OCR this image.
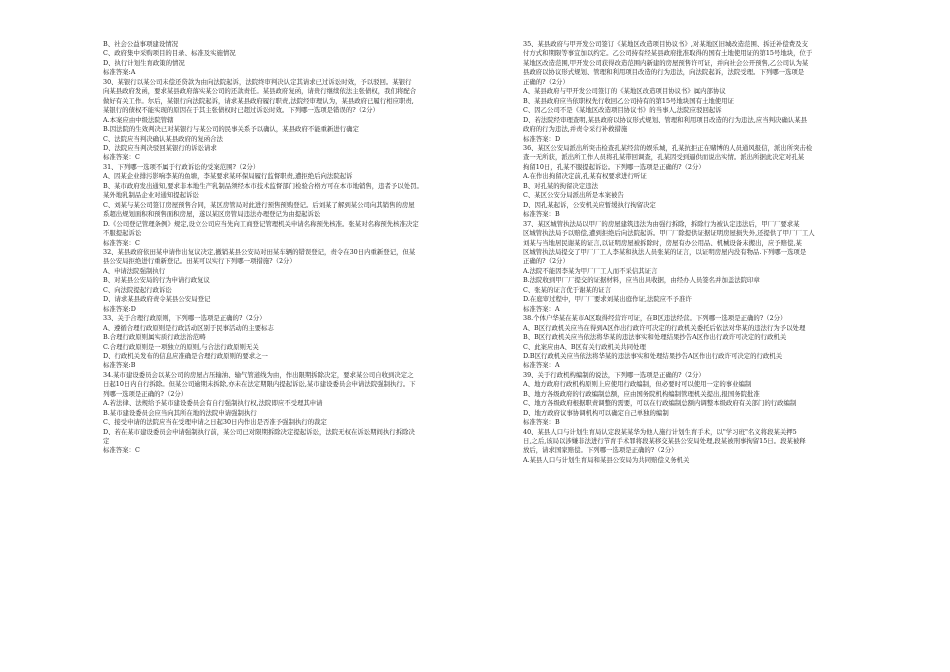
B、社会公益事项建设情况
C、政府集中采购项目的目录、标准及实施情况
D、执行计划生育政策的情况
标准答案:A
30、某银行以某公司未偿还贷款为由向法院起诉，法院终审判决认定其请求已过诉讼时效，予以驳回。某银行
向某县政府发函，要求某县政府落实某公司的还款责任。某县政府复函，请贵行继续依法主张债权，我们将配合
做好有关工作。尔后，某银行向法院起诉，请求某县政府履行职责,法院经审理认为，某县政府已履行相应职责,
某银行的债权不能实现的原因在于其主张债权时已超过诉讼时效。下列哪一选项是错误的?（2分）
A.本案应由中级法院管辖
B.因法院的生效判决已对某银行与某公司的民事关系予以确认，某县政府不能重新进行确定
C、法院应当判决确认某县政府的复函合法
D、法院应当判决驳回某银行的诉讼请求
标准答案：C
31、下列哪一选项不属于行政诉讼的受案范围?（2分）
A、因某企业排污影响李某的鱼塘，李某要求某环保局履行监督职责,遭拒绝后向法院起诉
B、某市政府发出通知,要求非本地生产乳制品须经本市技术监督部门检验合格方可在本市地销售，违者予以处罚。
某外地乳制品企业对通知提起诉讼
C、刘某与某公司签订房屋预售合同，某区房管局对此进行预售预购登记。后刘某了解到某公司向其销售的房屋
系超出规划面积和预售面积房屋，遂以某区房管局违法办理登记为由提起诉讼
D.《公司登记管理条例》规定,设立公司应当先向工商登记管理机关申请名称预先核准。张某对名称预先核准决定
不服提起诉讼
标准答案：C
32、某县政府依田某申请作出复议决定,撤销某县公安局对田某车辆的错误登记，责令在30日内重新登记，但某
县公安局拒绝进行重新登记。田某可以实行下列哪一项措施?（2分）
A、申请法院强制执行
B、对某县公安局的行为申请行政复议
C、向法院提起行政诉讼
D、请求某县政府责令某县公安局登记
标准答案:D
33、关于合理行政原则，下列哪一选项是正确的?（2分）
A、遵循合理行政原则是行政活动区别于民事活动的主要标志
B.合理行政原则属实质行政法治范畴
C.合理行政原则是一项独立的原则,与合法行政原则无关
D、行政机关发布的信息应准确是合理行政原则的要求之一
标准答案:B
34.某市建设委员会以某公司的房屋占压输油、输气管道线为由，作出限期拆除决定，要求某公司自收到决定之
日起10日内自行拆除。但某公司逾期未拆除,亦未在法定期限内提起诉讼,某市建设委员会申请法院强制执行。下
列哪一选项是正确的?（2分）
A.若法律、法规给予某市建设委员会有自行强制执行权,法院即应不受理其申请
B.某市建设委员会应当向其所在地的法院申请强制执行
C、接受申请的法院应当在受理申请之日起30日内作出是否准予强制执行的裁定
D、若在某市建设委员会申请强制执行前，某公司已对限期拆除决定提起诉讼，法院无权在诉讼期间执行拆除决
定
标准答案：C
35、某县政府与甲开发公司签订《某地区改造项目协议书》,对某地区旧城改造范围、拆迁补偿费及支
付方式和期限等事宜加以约定。乙公司持有经某县政府批准取得的国有土地使用证的第15号地块，位于
某地区改造范围,甲开发公司获得改造范围内新建的房屋预售许可证，并向社会公开预售,乙公司认为某
县政府以协议形式规划、管理和利用项目改造的行为违法，向法院起诉，法院受理。下列哪一选项是
正确的?（2分）
A、某县政府与甲开发公司签订的《某地区改造项目协议书》属内部协议
B、某县政府应当依职权先行收回乙公司持有的第15号地块国有土地使用证
C、因乙公司不是《某地区改造项目协议书》的当事人,法院应驳回起诉
D、若法院经审理查明,某县政府以协议形式规划、管理和利用项目改造的行为违法,应当判决确认某县
政府的行为违法,并责令采行补救措施
标准答案：D
36、某区公安局派出所突击检查孔某经营的娱乐城，孔某抗拒正在赌博的人员通风报信，派出所突击检
查一无所获，派出所工作人员将孔某带回调查，孔某因受到逼供而说出实情。派出所据此决定对孔某
拘留10日，孔某不服提起诉讼。下列哪一选项是正确的?（2分）
A.在作出拘留决定前,孔某有权要求进行听证
B、对孔某的拘留决定违法
C、某区公安分局派出所是本案被告
D、因孔某起诉，公安机关应暂缓执行拘留决定
标准答案：B
37、某区城管执法局以甲厂的房屋建筑违法为由强行拆除，拆除行为被认定违法后，甲厂厂要求某
区城管执法局予以赔偿,遭到拒绝后向法院起诉。甲厂厂除提供证据证明房屋损失外,还提供了甲厂厂工人
刘某与当地居民谢某的证言,以证明房屋被拆除时，房屋有办公用品、机械设备未搬出，应予赔偿,某
区城管执法局提交了甲厂厂工人李某和执法人员张某的证言，以证明房屋内没有物品.下列哪一选项是
正确的?（2分）
A.法院不能因李某为甲厂厂工人而不采信其证言
B.法院收到甲厂厂提交的证据材料，应当出具收据，由经办人员签名并加盖法院印章
C、张某的证言优于谢某的证言
D.在庭审过程中，甲厂厂要求刘某出庭作证,法院应不予准许
标准答案：A
38.个体户华某在某市A区取得经营许可证，在B区违法经营。下列哪一选项是正确的?（2分）
A、B区行政机关应当在得到A区作出行政许可决定的行政机关委托后依法对华某的违法行为予以处理
B、B区行政机关应当依法将华某的违法事实和处理结果抄告A区作出行政许可决定的行政机关
C、此案应由A、B区有关行政机关共同处理
D.B区行政机关应当依法将华某的违法事实和处理结果抄告A区作出行政许可决定的行政机关
标准答案：A
39、关于行政机构编制的说法，下列哪一选项是正确的?（2分）
A、地方政府行政机构原则上应使用行政编制，但必要时可以使用一定的事业编制
B、地方各级政府的行政编制总额，应由国务院机构编制管理机关提出,报国务院批准
C、地方各级政府根据职责调整的需要，可以在行政编制总额内调整本级政府有关部门的行政编制
D、地方政府议事协调机构可以确定自己单独的编制
标准答案：B
40、某县人口与计划生育局认定段某某华为他人施行计划生育手术，以"学习班"名义将段某关押5
日,之后,该局以涉嫌非法进行节育手术罪将段某移交某县公安局处理,段某被刑事拘留15日。段某被释
放后，请求国家赔偿。下列哪一选项是正确的?（2分）
A.某县人口与计划生育局和某县公安局为共同赔偿义务机关
